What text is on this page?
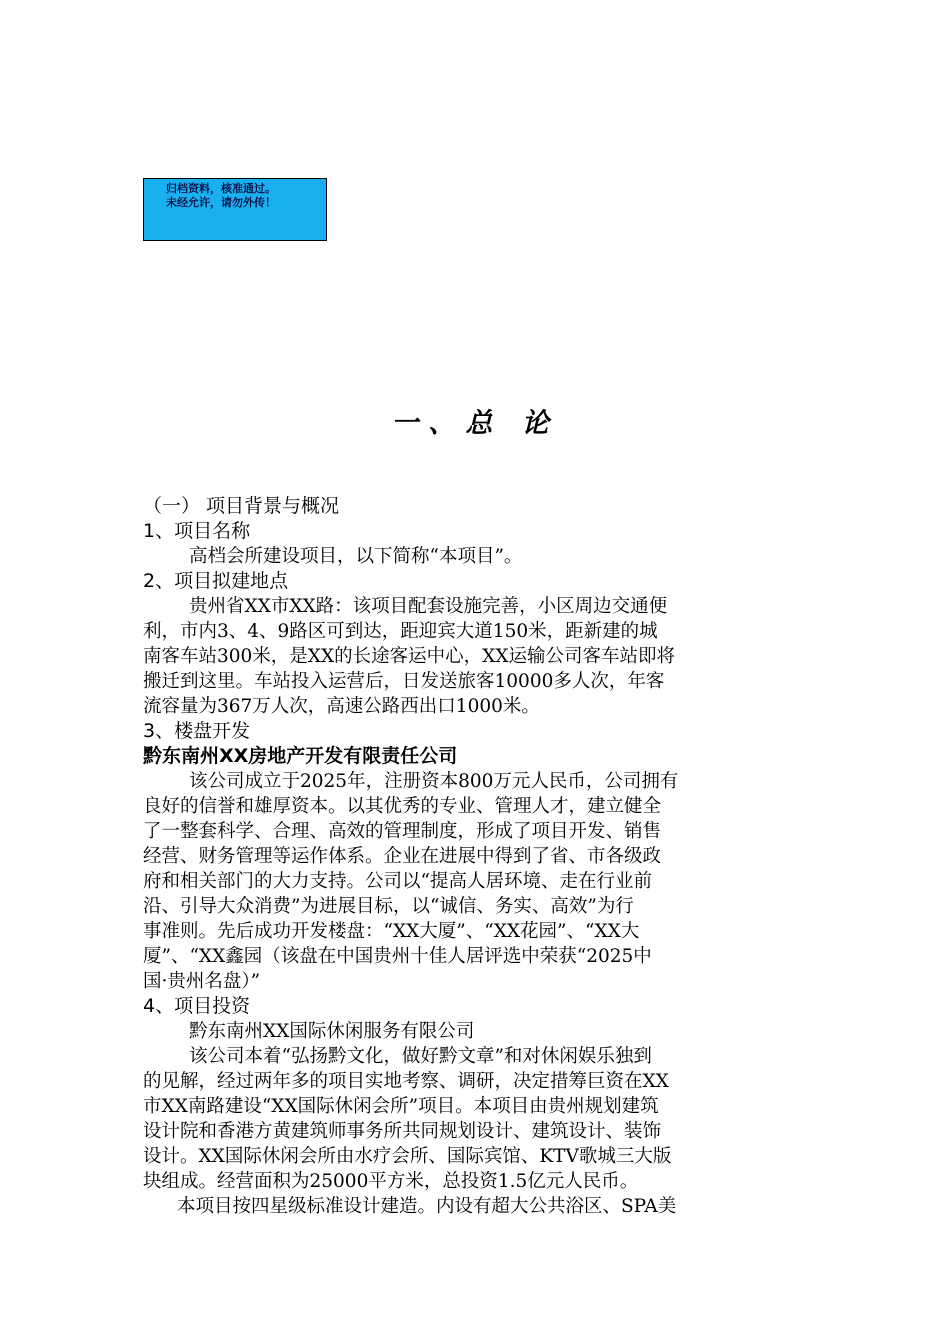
归档资料，核准通过。
未经允许，请勿外传！
一、总 论
（一） 项目背景与概况
1、项目名称
高档会所建设项目，以下简称“本项目”。
2、项目拟建地点
贵州省XX市XX路：该项目配套设施完善，小区周边交通便
利，市内3、4、9路区可到达，距迎宾大道150米，距新建的城
南客车站300米，是XX的长途客运中心，XX运输公司客车站即将
搬迁到这里。车站投入运营后，日发送旅客10000多人次，年客
流容量为367万人次，高速公路西出口1000米。
3、楼盘开发
黔东南州XX房地产开发有限责任公司
该公司成立于2025年，注册资本800万元人民币，公司拥有
良好的信誉和雄厚资本。以其优秀的专业、管理人才，建立健全
了一整套科学、合理、高效的管理制度，形成了项目开发、销售
经营、财务管理等运作体系。企业在进展中得到了省、市各级政
府和相关部门的大力支持。公司以“提高人居环境、走在行业前
沿、引导大众消费”为进展目标，以“诚信、务实、高效”为行
事准则。先后成功开发楼盘：“XX大厦”、“XX花园”、“XX大
厦”、“XX鑫园（该盘在中国贵州十佳人居评选中荣获“2025中
国·贵州名盘）”
4、项目投资
黔东南州XX国际休闲服务有限公司
该公司本着“弘扬黔文化，做好黔文章”和对休闲娱乐独到
的见解，经过两年多的项目实地考察、调研，决定措筹巨资在XX
市XX南路建设“XX国际休闲会所”项目。本项目由贵州规划建筑
设计院和香港方黄建筑师事务所共同规划设计、建筑设计、装饰
设计。XX国际休闲会所由水疗会所、国际宾馆、KTV歌城三大版
块组成。经营面积为25000平方米，总投资1.5亿元人民币。
本项目按四星级标准设计建造。内设有超大公共浴区、SPA美
